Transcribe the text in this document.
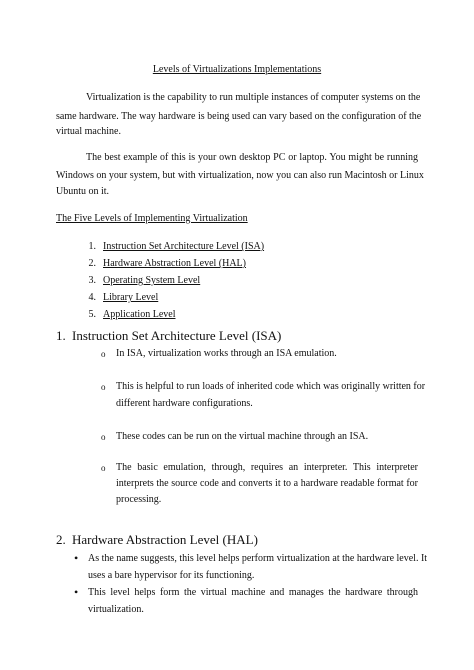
Levels of Virtualizations Implementations
Virtualization is the capability to run multiple instances of computer systems on the
same hardware. The way hardware is being used can vary based on the configuration of the
virtual machine.
The best example of this is your own desktop PC or laptop. You might be running
Windows on your system, but with virtualization, now you can also run Macintosh or Linux
Ubuntu on it.
The Five Levels of Implementing Virtualization
1. Instruction Set Architecture Level (ISA)
2. Hardware Abstraction Level (HAL)
3. Operating System Level
4. Library Level
5. Application Level
1. Instruction Set Architecture Level (ISA)
o In ISA, virtualization works through an ISA emulation.
o This is helpful to run loads of inherited code which was originally written for
different hardware configurations.
o These codes can be run on the virtual machine through an ISA.
o The basic emulation, through, requires an interpreter. This interpreter
interprets the source code and converts it to a hardware readable format for
processing.
2. Hardware Abstraction Level (HAL)
• As the name suggests, this level helps perform virtualization at the hardware level. It
uses a bare hypervisor for its functioning.
• This level helps form the virtual machine and manages the hardware through
virtualization.
